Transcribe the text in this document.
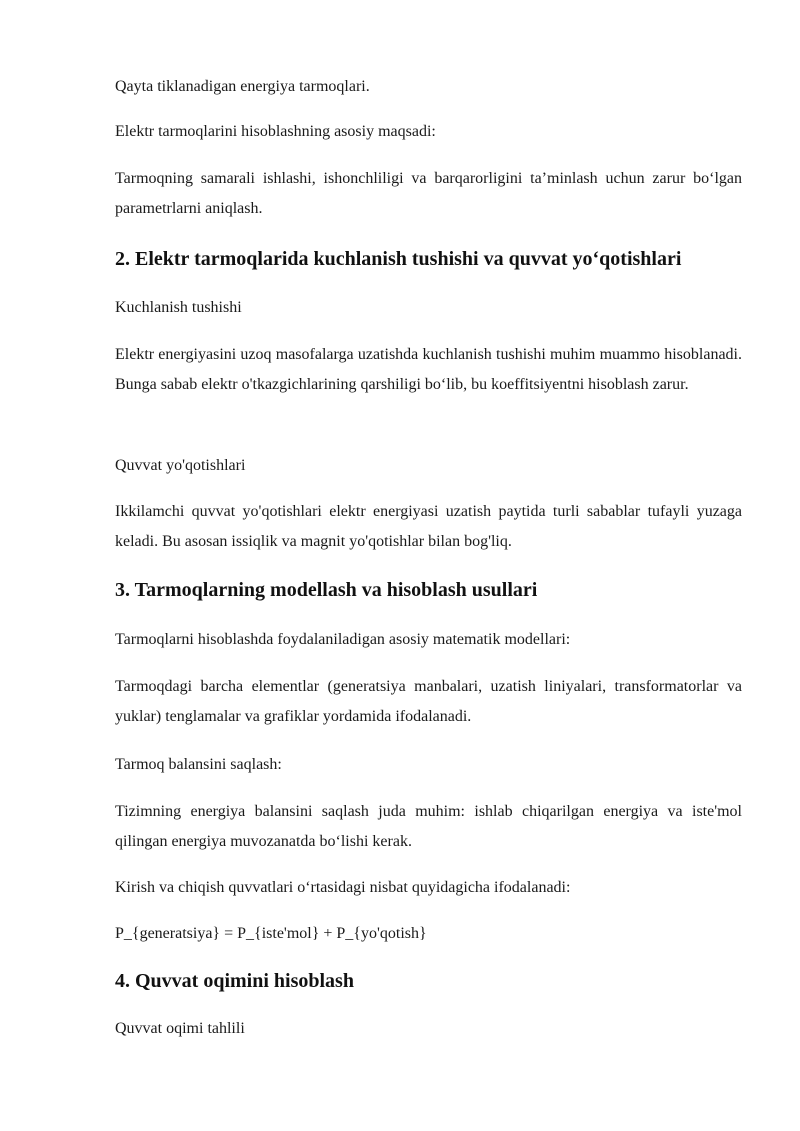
Qayta tiklanadigan energiya tarmoqlari.

Elektr tarmoqlarini hisoblashning asosiy maqsadi:

Tarmoqning samarali ishlashi, ishonchliligi va barqarorligini ta’minlash uchun zarur bo‘lgan parametrlarni aniqlash.

2. Elektr tarmoqlarida kuchlanish tushishi va quvvat yo‘qotishlari

Kuchlanish tushishi

Elektr energiyasini uzoq masofalarga uzatishda kuchlanish tushishi muhim muammo hisoblanadi. Bunga sabab elektr o'tkazgichlarining qarshiligi bo‘lib, bu koeffitsiyentni hisoblash zarur.

Quvvat yo'qotishlari

Ikkilamchi quvvat yo'qotishlari elektr energiyasi uzatish paytida turli sabablar tufayli yuzaga keladi. Bu asosan issiqlik va magnit yo'qotishlar bilan bog'liq.

3. Tarmoqlarning modellash va hisoblash usullari

Tarmoqlarni hisoblashda foydalaniladigan asosiy matematik modellari:

Tarmoqdagi barcha elementlar (generatsiya manbalari, uzatish liniyalari, transformatorlar va yuklar) tenglamalar va grafiklar yordamida ifodalanadi.

Tarmoq balansini saqlash:

Tizimning energiya balansini saqlash juda muhim: ishlab chiqarilgan energiya va iste'mol qilingan energiya muvozanatda bo‘lishi kerak.

Kirish va chiqish quvvatlari o‘rtasidagi nisbat quyidagicha ifodalanadi:

P_{generatsiya} = P_{iste'mol} + P_{yo'qotish}

4. Quvvat oqimini hisoblash

Quvvat oqimi tahlili
